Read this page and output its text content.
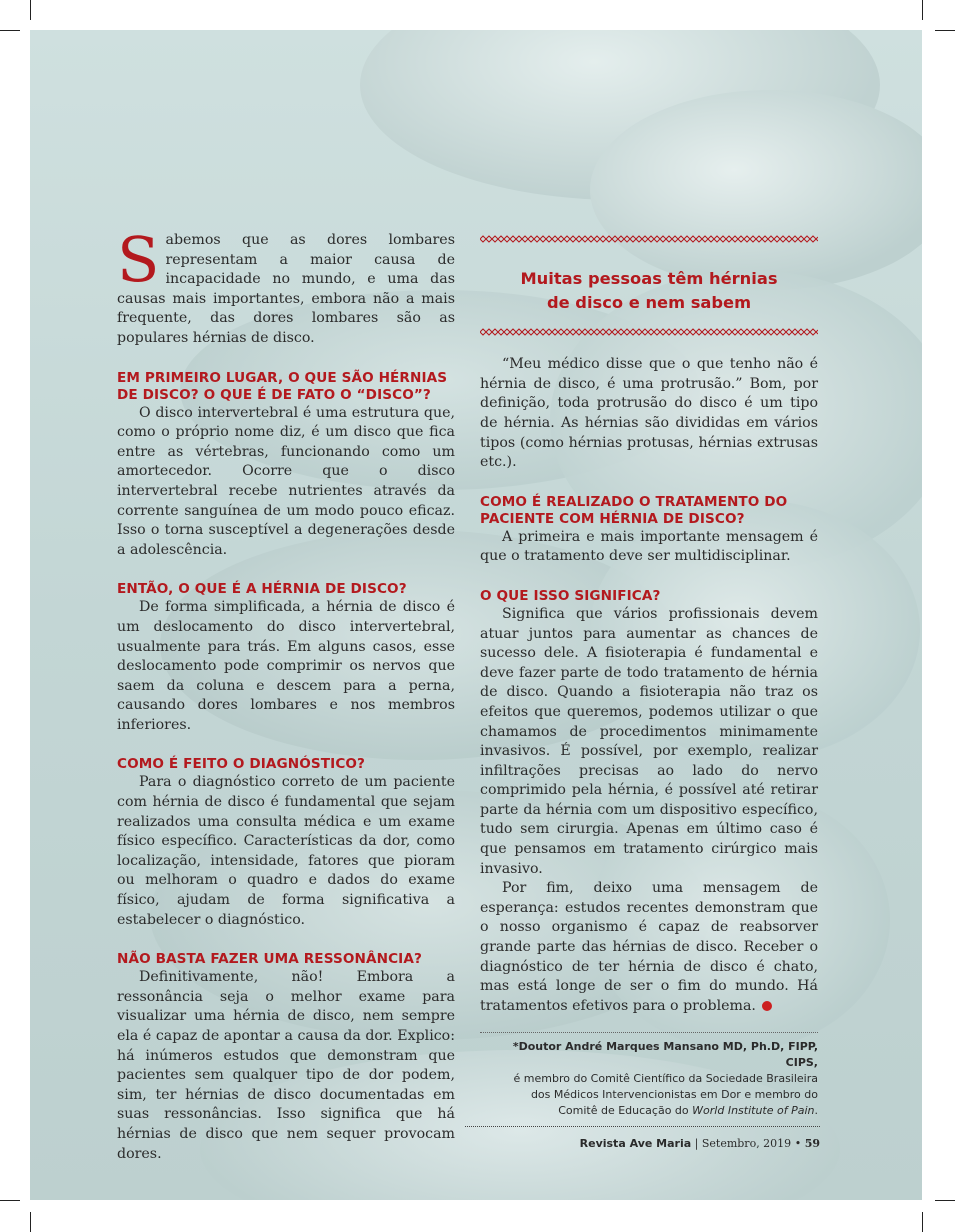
Sabemos que as dores lombares representam a maior causa de incapacidade no mundo, e uma das causas mais importantes, embora não a mais frequente, das dores lombares são as populares hérnias de disco.

EM PRIMEIRO LUGAR, O QUE SÃO HÉRNIAS DE DISCO? O QUE É DE FATO O “DISCO”?

O disco intervertebral é uma estrutura que, como o próprio nome diz, é um disco que fica entre as vértebras, funcionando como um amortecedor. Ocorre que o disco intervertebral recebe nutrientes através da corrente sanguínea de um modo pouco eficaz. Isso o torna susceptível a degenerações desde a adolescência.

ENTÃO, O QUE É A HÉRNIA DE DISCO?

De forma simplificada, a hérnia de disco é um deslocamento do disco intervertebral, usualmente para trás. Em alguns casos, esse deslocamento pode comprimir os nervos que saem da coluna e descem para a perna, causando dores lombares e nos membros inferiores.

COMO É FEITO O DIAGNÓSTICO?

Para o diagnóstico correto de um paciente com hérnia de disco é fundamental que sejam realizados uma consulta médica e um exame físico específico. Características da dor, como localização, intensidade, fatores que pioram ou melhoram o quadro e dados do exame físico, ajudam de forma significativa a estabelecer o diagnóstico.

NÃO BASTA FAZER UMA RESSONÂNCIA?

Definitivamente, não! Embora a ressonância seja o melhor exame para visualizar uma hérnia de disco, nem sempre ela é capaz de apontar a causa da dor. Explico: há inúmeros estudos que demonstram que pacientes sem qualquer tipo de dor podem, sim, ter hérnias de disco documentadas em suas ressonâncias. Isso significa que há hérnias de disco que nem sequer provocam dores.

Muitas pessoas têm hérnias
de disco e nem sabem

“Meu médico disse que o que tenho não é hérnia de disco, é uma protrusão.” Bom, por definição, toda protrusão do disco é um tipo de hérnia. As hérnias são divididas em vários tipos (como hérnias protusas, hérnias extrusas etc.).

COMO É REALIZADO O TRATAMENTO DO PACIENTE COM HÉRNIA DE DISCO?

A primeira e mais importante mensagem é que o tratamento deve ser multidisciplinar.

O QUE ISSO SIGNIFICA?

Significa que vários profissionais devem atuar juntos para aumentar as chances de sucesso dele. A fisioterapia é fundamental e deve fazer parte de todo tratamento de hérnia de disco. Quando a fisioterapia não traz os efeitos que queremos, podemos utilizar o que chamamos de procedimentos minimamente invasivos. É possível, por exemplo, realizar infiltrações precisas ao lado do nervo comprimido pela hérnia, é possível até retirar parte da hérnia com um dispositivo específico, tudo sem cirurgia. Apenas em último caso é que pensamos em tratamento cirúrgico mais invasivo.

Por fim, deixo uma mensagem de esperança: estudos recentes demonstram que o nosso organismo é capaz de reabsorver grande parte das hérnias de disco. Receber o diagnóstico de ter hérnia de disco é chato, mas está longe de ser o fim do mundo. Há tratamentos efetivos para o problema.

*Doutor André Marques Mansano MD, Ph.D, FIPP, CIPS,
é membro do Comitê Científico da Sociedade Brasileira
dos Médicos Intervencionistas em Dor e membro do
Comitê de Educação do World Institute of Pain.
Revista Ave Maria | Setembro, 2019 • 59
